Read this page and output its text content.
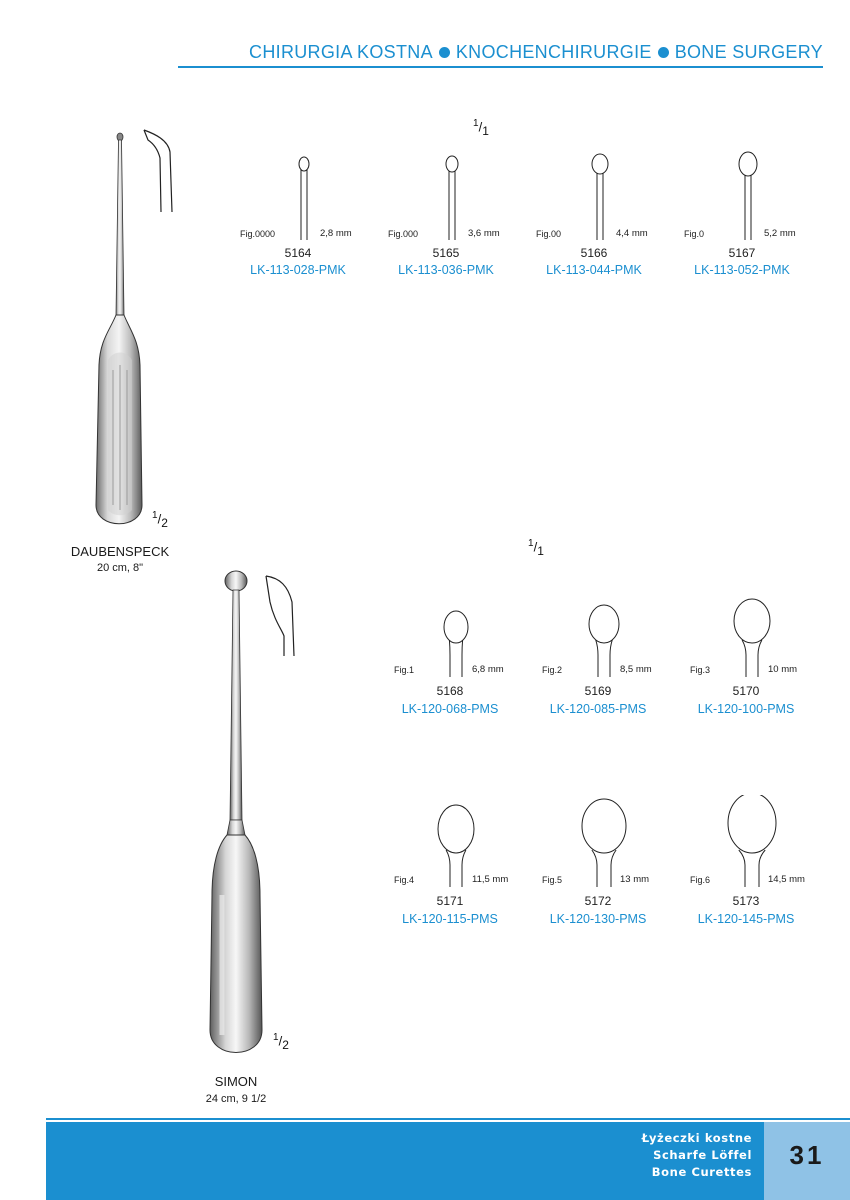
CHIRURGIA KOSTNA KNOCHENCHIRURGIE BONE SURGERY
$^1/_2$
DAUBENSPECK
20 cm, 8"
$^1/_2$
SIMON
24 cm, 9 1/2
$^1/_1$
$^1/_1$
Fig.0000	2,8 mm
5164
LK-113-028-PMK
Fig.000	3,6 mm
5165
LK-113-036-PMK
Fig.00	4,4 mm
5166
LK-113-044-PMK
Fig.0	5,2 mm
5167
LK-113-052-PMK
Fig.1	6,8 mm
5168
LK-120-068-PMS
Fig.2	8,5 mm
5169
LK-120-085-PMS
Fig.3	10 mm
5170
LK-120-100-PMS
Fig.4	11,5 mm
5171
LK-120-115-PMS
Fig.5	13 mm
5172
LK-120-130-PMS
Fig.6	14,5 mm
5173
LK-120-145-PMS
Łyżeczki kostne
Scharfe Löffel
Bone Curettes
31
